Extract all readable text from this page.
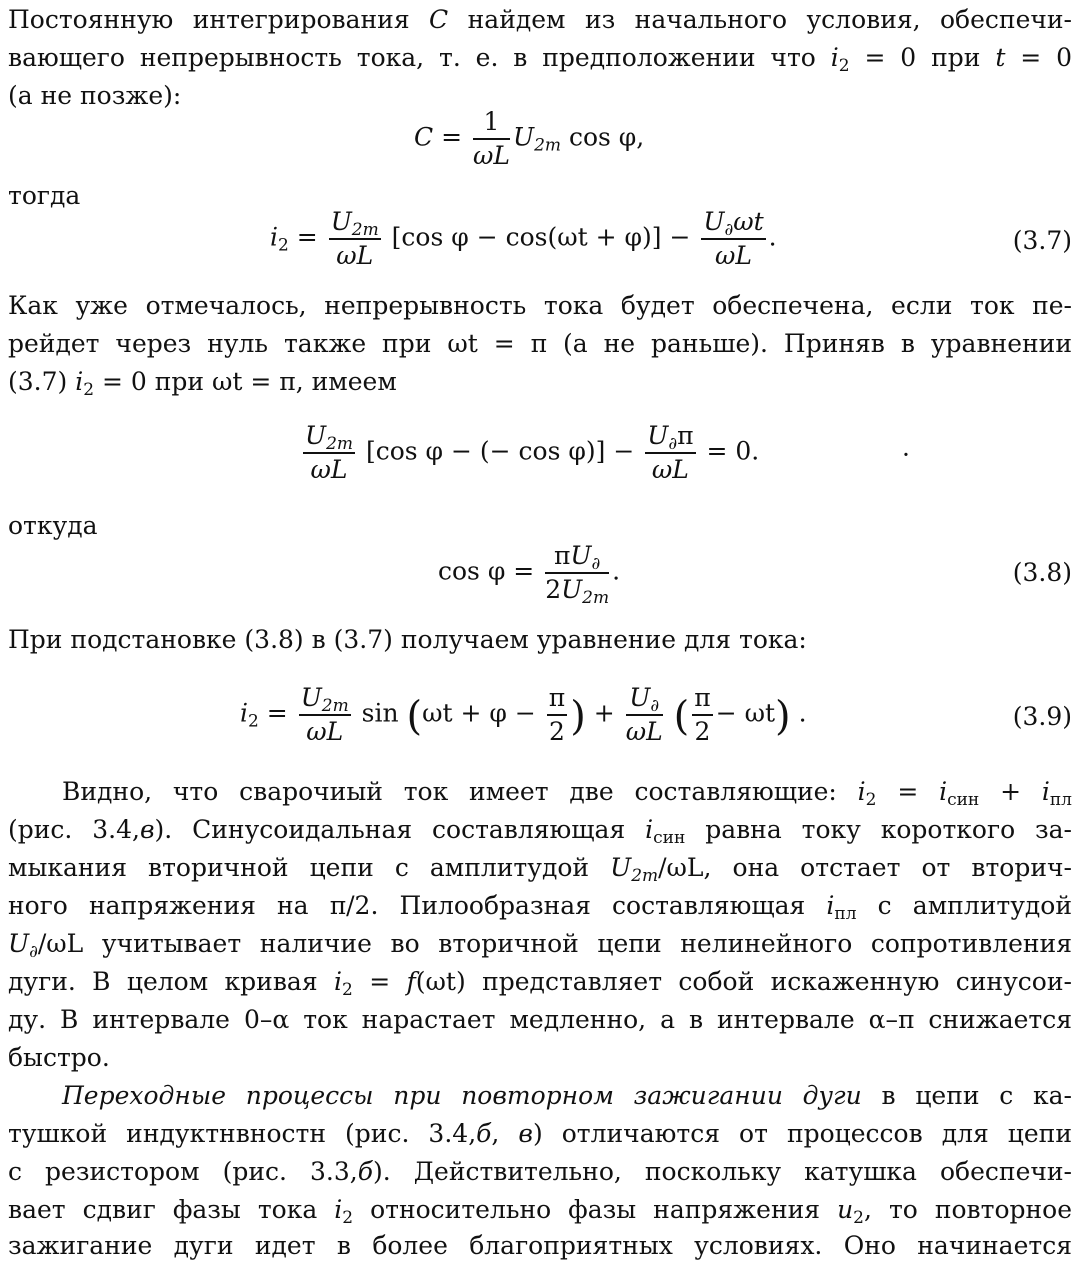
Постоянную интегрирования C найдем из начального условия, обеспечи-
вающего непрерывность тока, т. е. в предположении что $i_2 = 0$ при t = 0
(а не позже):
$C = \frac{1}{\omega L} U_{2m}$ cos φ,
тогда
$i_2 = \frac{U_{2m}}{\omega L} [\cos$ $\varphi - \cos(\omega t + \varphi)] - \frac{U_\partial\omega t}{\omega L}$ .	(3.7)
Как уже отмечалось, непрерывность тока будет обеспечена, если ток пе-
рейдет через нуль также при ωt = π (а не раньше). Приняв в уравнении
(3.7) $i_2 = 0$ при ωt = π, имеем
$\frac{U_{2m}}{\omega L} [\cos$ φ − (− $\cos \varphi)] - \frac{U_\partial\pi}{\omega L} = 0$.	·
откуда
$\cos \varphi = \frac{\pi U_\partial}{2U_{2m}}$ .	(3.8)
При подстановке (3.8) в (3.7) получаем уравнение для тока:
$i_2 = \frac{U_{2m}}{\omega L}$ $\sin (\omega t + \varphi - \frac{\pi}{2}$ ) + $\frac{U_\partial}{\omega L}$ ( $\frac{\pi}{2} - \omega t$) .	(3.9)
Видно, что сварочиый ток имеет две составляющие: $i_2 = i_{син} + i_{пл}$
(рис. 3.4,в). Синусоидальная составляющая $i_{син}$ равна току короткого за-
мыкания вторичной цепи с амплитудой $U_{2m}/\omega L$, она отстает от вторич-
ного напряжения на π/2. Пилообразная составляющая $i_{пл}$ с амплитудой
$U_\partial/\omega L$ учитывает наличие во вторичной цепи нелинейного сопротивления
дуги. В целом кривая $i_2 = f(\omega t)$ представляет собой искаженную синусои-
ду. В интервале 0–α ток нарастает медленно, а в интервале α–π снижается
быстро.
Переходные процессы при повторном зажигании дуги в цепи с ка-
тушкой индуктнвностн (рис. 3.4,б, в) отличаются от процессов для цепи
с резистором (рис. 3.3,б). Действительно, поскольку катушка обеспечи-
вает сдвиг фазы тока $i_2$ относительно фазы напряжения $u_2$, то повторное
зажигание дуги идет в более благоприятных условиях. Оно начинается
